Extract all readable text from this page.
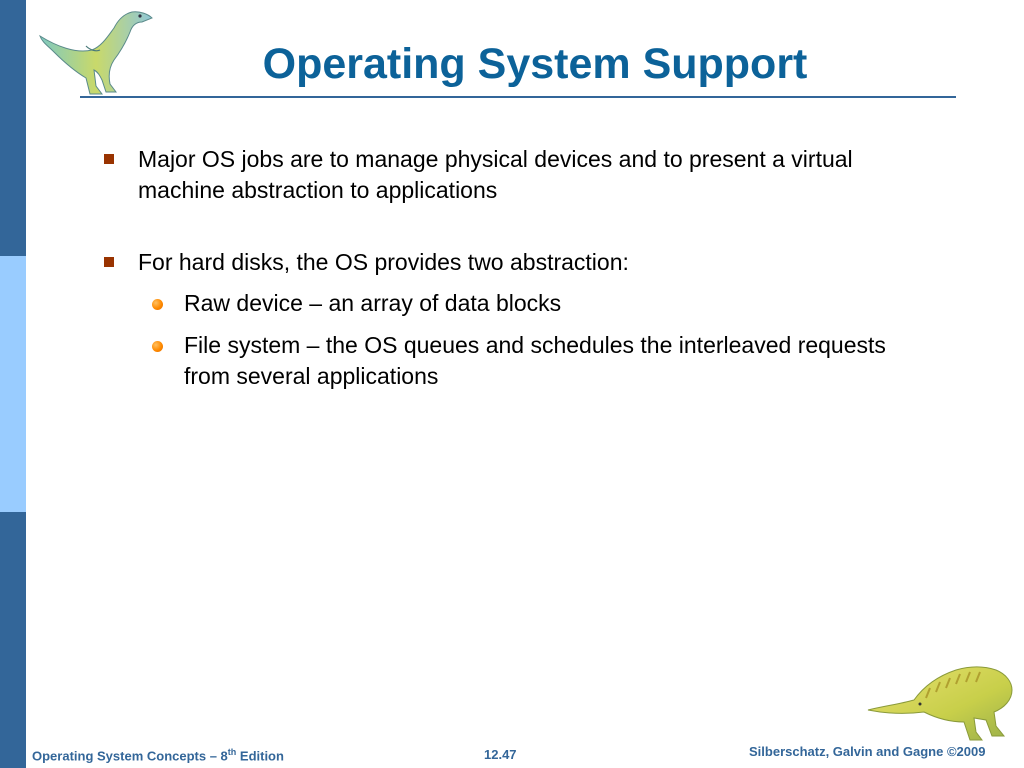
Operating System Support
Major OS jobs are to manage physical devices and to present a virtual machine abstraction to applications
For hard disks, the OS provides two abstraction:
Raw device – an array of data blocks
File system – the OS queues and schedules the interleaved requests from several applications
Operating System Concepts – 8th Edition	12.47	Silberschatz, Galvin and Gagne ©2009
